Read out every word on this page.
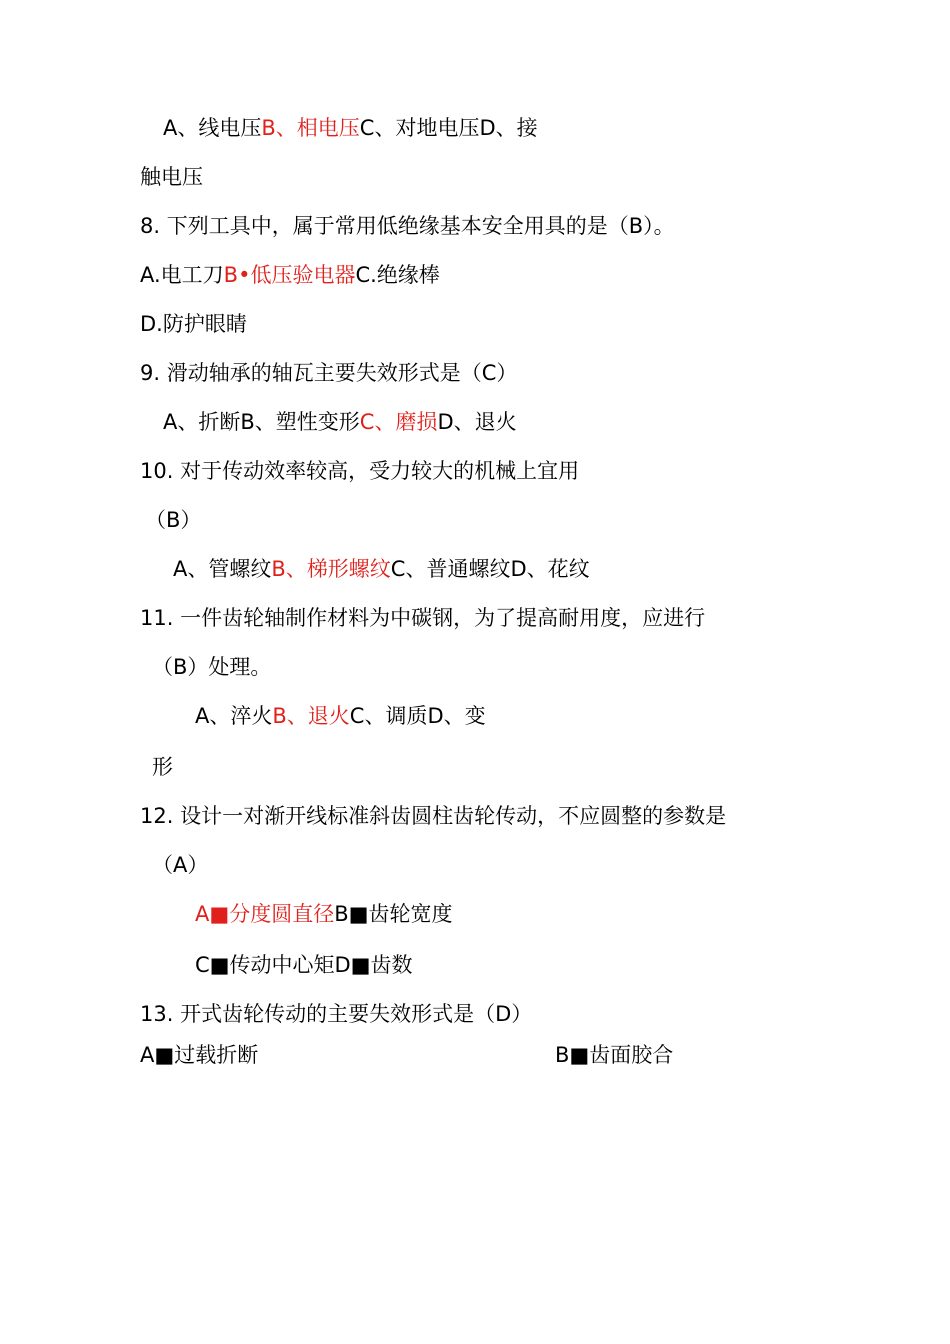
A、线电压B、相电压C、对地电压D、接
触电压
8. 下列工具中，属于常用低绝缘基本安全用具的是（B）。
A.电工刀B•低压验电器C.绝缘棒
D.防护眼睛
9. 滑动轴承的轴瓦主要失效形式是（C）
A、折断B、塑性变形C、磨损D、退火
10. 对于传动效率较高，受力较大的机械上宜用
（B）
A、管螺纹B、梯形螺纹C、普通螺纹D、花纹
11. 一件齿轮轴制作材料为中碳钢，为了提高耐用度，应进行
（B）处理。
A、淬火B、退火C、调质D、变
形
12. 设计一对渐开线标准斜齿圆柱齿轮传动，不应圆整的参数是
（A）
A■分度圆直径B■齿轮宽度
C■传动中心矩D■齿数
13. 开式齿轮传动的主要失效形式是（D）
A■过载折断	B■齿面胶合
